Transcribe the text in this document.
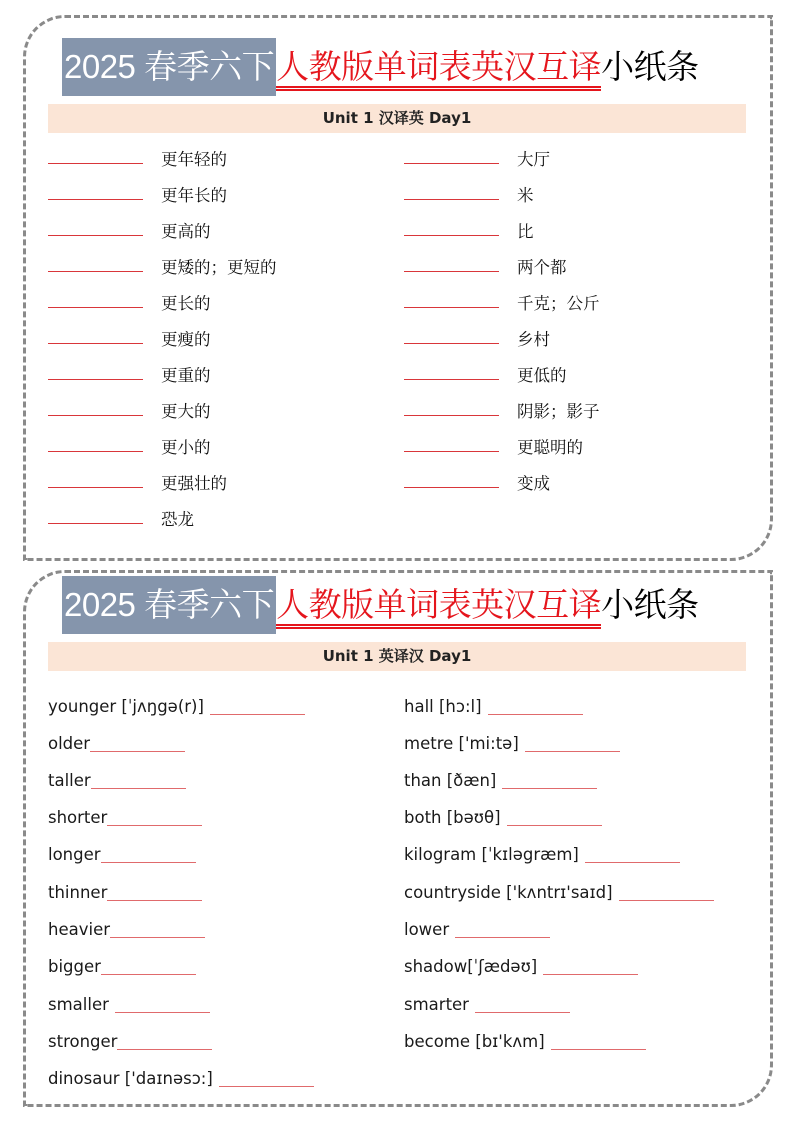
2025 春季六下 人教版单词表英汉互译 小纸条
Unit 1 汉译英 Day1
更年轻的
更年长的
更高的
更矮的；更短的
更长的
更瘦的
更重的
更大的
更小的
更强壮的
恐龙
大厅
米
比
两个都
千克；公斤
乡村
更低的
阴影；影子
更聪明的
变成
2025 春季六下 人教版单词表英汉互译 小纸条
Unit 1 英译汉 Day1
younger [ˈjʌŋgə(r)]
older
taller
shorter
longer
thinner
heavier
bigger
smaller
stronger
dinosaur ['daɪnəsɔ:]
hall [hɔ:l]
metre ['mi:tə]
than [ðæn]
both [bəʊθ]
kilogram [ˈkɪləgræm]
countryside ['kʌntrɪ'saɪd]
lower
shadow[ˈʃædəʊ]
smarter
become [bɪ'kʌm]
